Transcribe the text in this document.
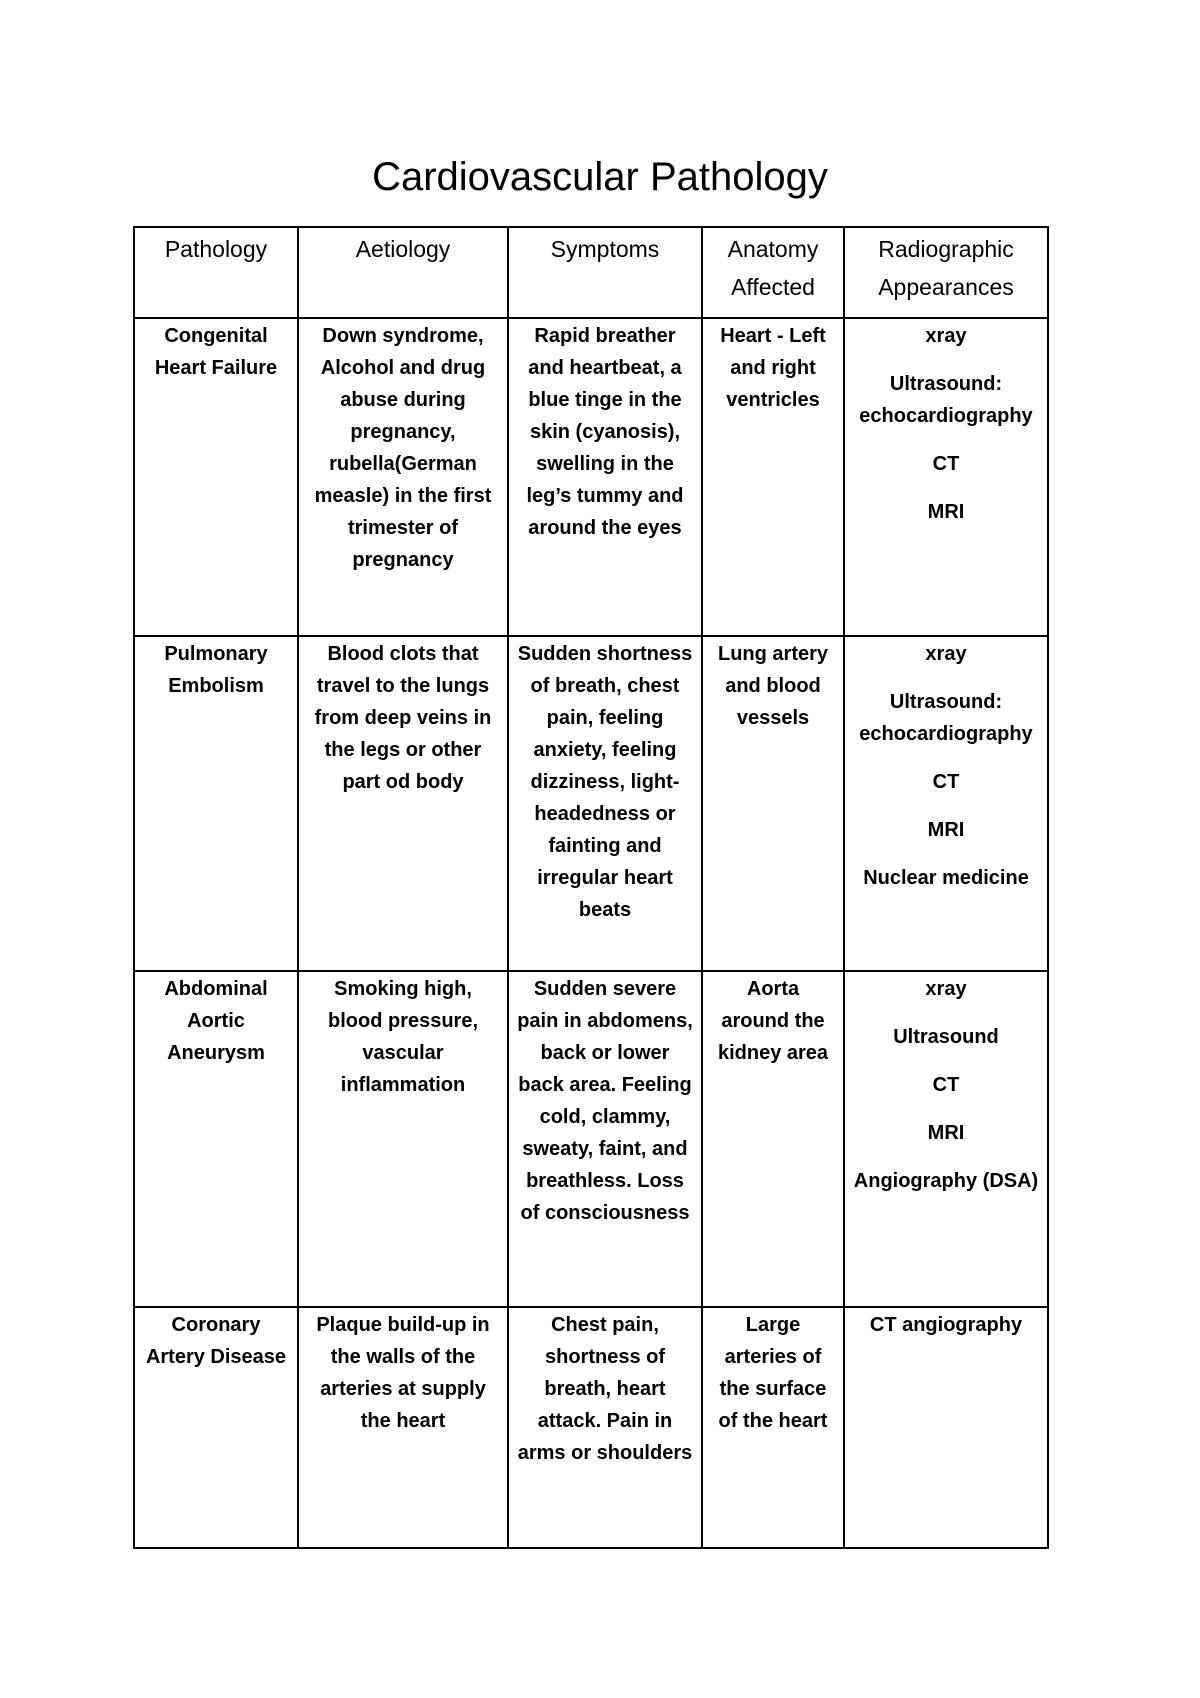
Cardiovascular Pathology
Pathology	Aetiology	Symptoms	Anatomy Affected	Radiographic Appearances
Congenital Heart Failure	Down syndrome, Alcohol and drug abuse during pregnancy, rubella(German measle) in the first trimester of pregnancy	Rapid breather and heartbeat, a blue tinge in the skin (cyanosis), swelling in the leg’s tummy and around the eyes	Heart - Left and right ventricles	xray
Ultrasound: echocardiography
CT
MRI

Pulmonary Embolism	Blood clots that travel to the lungs from deep veins in the legs or other part od body	Sudden shortness of breath, chest pain, feeling anxiety, feeling dizziness, light-headedness or fainting and irregular heart beats	Lung artery and blood vessels	xray
Ultrasound: echocardiography
CT
MRI
Nuclear medicine

Abdominal Aortic Aneurysm	Smoking high, blood pressure, vascular inflammation	Sudden severe pain in abdomens, back or lower back area. Feeling cold, clammy, sweaty, faint, and breathless. Loss of consciousness	Aorta around the kidney area	xray
Ultrasound
CT
MRI
Angiography (DSA)

Coronary Artery Disease	Plaque build-up in the walls of the arteries at supply the heart	Chest pain, shortness of breath, heart attack. Pain in arms or shoulders	Large arteries of the surface of the heart	CT angiography
